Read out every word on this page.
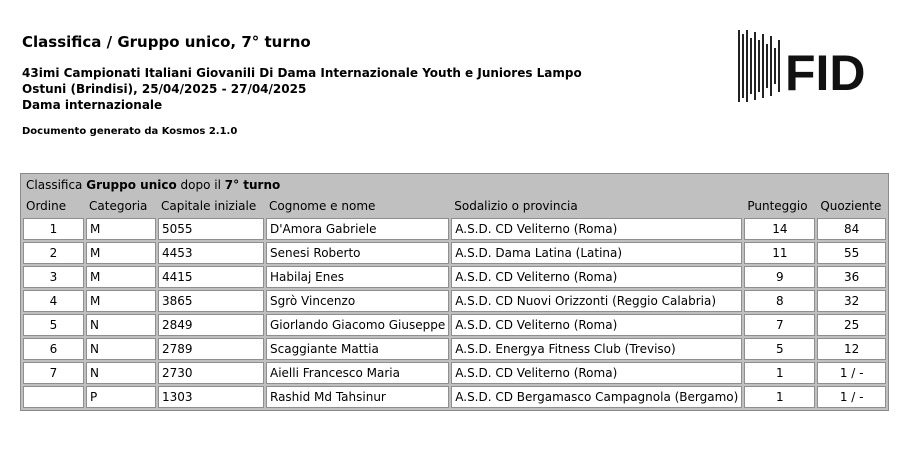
Classifica / Gruppo unico, 7° turno
43imi Campionati Italiani Giovanili Di Dama Internazionale Youth e Juniores Lampo
Ostuni (Brindisi), 25/04/2025 - 27/04/2025
Dama internazionale
Documento generato da Kosmos 2.1.0
FID
Classifica Gruppo unico dopo il 7° turno						
Ordine	Categoria	Capitale iniziale	Cognome e nome	Sodalizio o provincia	Punteggio	Quoziente
1	M	5055	D'Amora Gabriele	A.S.D. CD Veliterno (Roma)	14	84
2	M	4453	Senesi Roberto	A.S.D. Dama Latina (Latina)	11	55
3	M	4415	Habilaj Enes	A.S.D. CD Veliterno (Roma)	9	36
4	M	3865	Sgrò Vincenzo	A.S.D. CD Nuovi Orizzonti (Reggio Calabria)	8	32
5	N	2849	Giorlando Giacomo Giuseppe	A.S.D. CD Veliterno (Roma)	7	25
6	N	2789	Scaggiante Mattia	A.S.D. Energya Fitness Club (Treviso)	5	12
7	N	2730	Aielli Francesco Maria	A.S.D. CD Veliterno (Roma)	1	1 / -
	P	1303	Rashid Md Tahsinur	A.S.D. CD Bergamasco Campagnola (Bergamo)	1	1 / -
